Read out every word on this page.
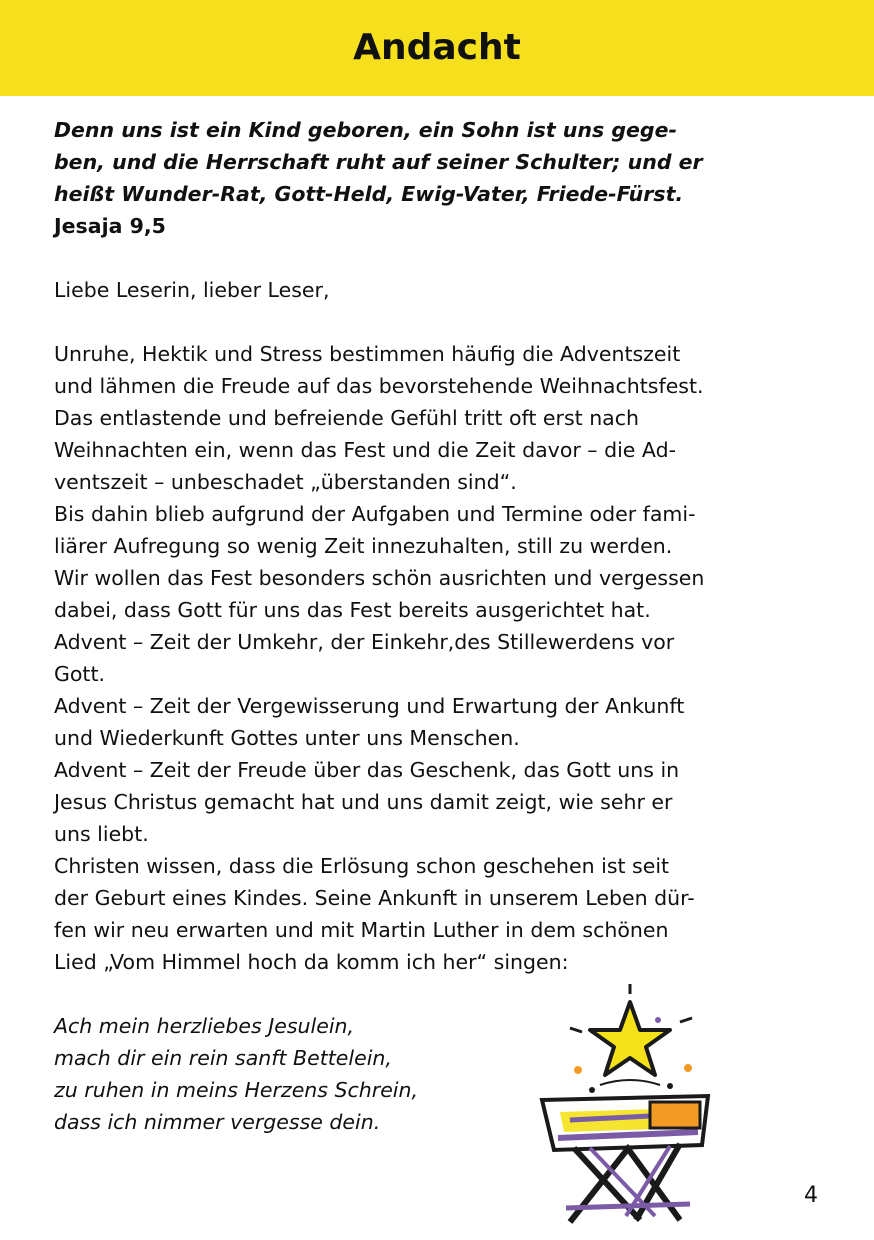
Andacht
Denn uns ist ein Kind geboren, ein Sohn ist uns gege-
ben, und die Herrschaft ruht auf seiner Schulter; und er
heißt Wunder-Rat, Gott-Held, Ewig-Vater, Friede-Fürst.
Jesaja 9,5
Liebe Leserin, lieber Leser,
Unruhe, Hektik und Stress bestimmen häufig die Adventszeit
und lähmen die Freude auf das bevorstehende Weihnachtsfest.
Das entlastende und befreiende Gefühl tritt oft erst nach
Weihnachten ein, wenn das Fest und die Zeit davor – die Ad-
ventszeit – unbeschadet „überstanden sind“.
Bis dahin blieb aufgrund der Aufgaben und Termine oder fami-
liärer Aufregung so wenig Zeit innezuhalten, still zu werden.
Wir wollen das Fest besonders schön ausrichten und vergessen
dabei, dass Gott für uns das Fest bereits ausgerichtet hat.
Advent – Zeit der Umkehr, der Einkehr,des Stillewerdens vor
Gott.
Advent – Zeit der Vergewisserung und Erwartung der Ankunft
und Wiederkunft Gottes unter uns Menschen.
Advent – Zeit der Freude über das Geschenk, das Gott uns in
Jesus Christus gemacht hat und uns damit zeigt, wie sehr er
uns liebt.
Christen wissen, dass die Erlösung schon geschehen ist seit
der Geburt eines Kindes. Seine Ankunft in unserem Leben dür-
fen wir neu erwarten und mit Martin Luther in dem schönen
Lied „Vom Himmel hoch da komm ich her“ singen:
Ach mein herzliebes Jesulein,
mach dir ein rein sanft Bettelein,
zu ruhen in meins Herzens Schrein,
dass ich nimmer vergesse dein.
4
